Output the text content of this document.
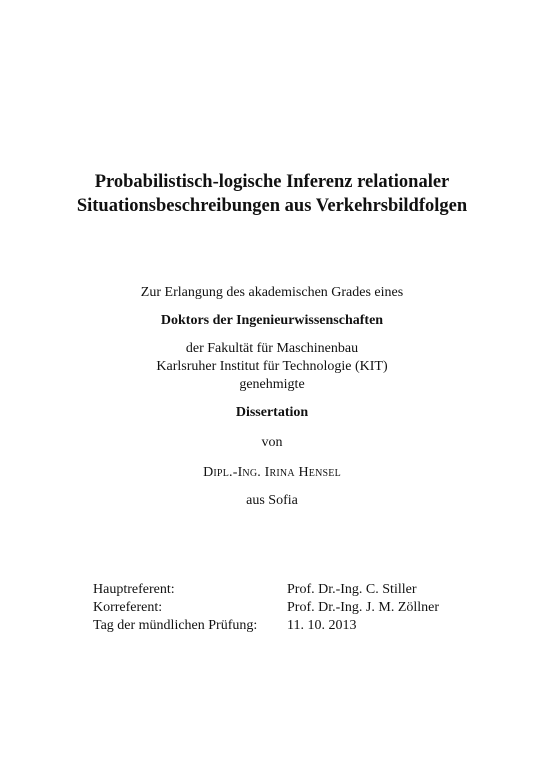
Probabilistisch-logische Inferenz relationaler
Situationsbeschreibungen aus Verkehrsbildfolgen
Zur Erlangung des akademischen Grades eines
Doktors der Ingenieurwissenschaften
der Fakultät für Maschinenbau
Karlsruher Institut für Technologie (KIT)
genehmigte
Dissertation
von
Dipl.-Ing. Irina Hensel
aus Sofia
Hauptreferent:	Prof. Dr.-Ing. C. Stiller
Korreferent:	Prof. Dr.-Ing. J. M. Zöllner
Tag der mündlichen Prüfung:	11. 10. 2013
